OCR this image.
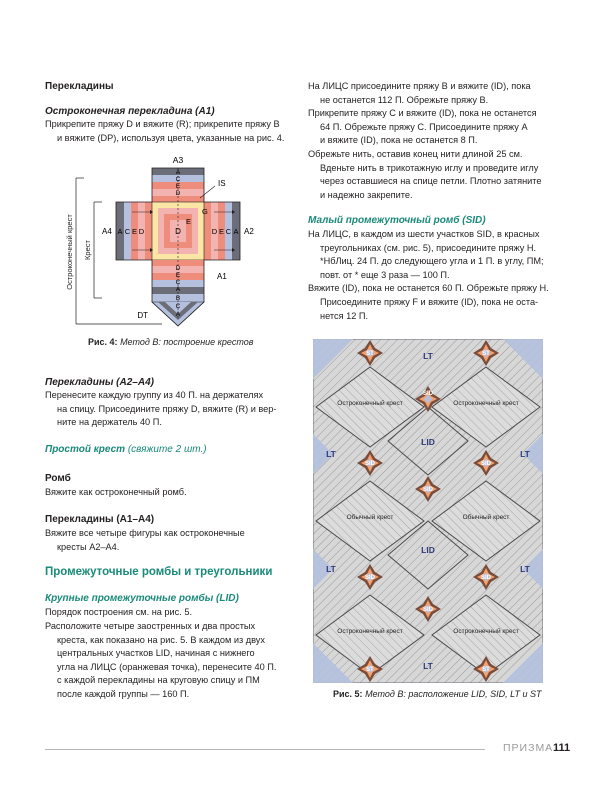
Перекладины
Остроконечная перекладина (А1)
Прикрепите пряжу D и вяжите (R); прикрепите пряжу B
и вяжите (DP), используя цвета, указанные на рис. 4.
Остроконечный крест Крест
A3
IS
G
E
D
A4	A2
A1
DT
A
C
E
D
D
E
C
A
B
C
A
A C E D	D E C A
Рис. 4: Метод B: построение крестов
Перекладины (А2–А4)
Перенесите каждую группу из 40 П. на держателях
на спицу. Присоедините пряжу D, вяжите (R) и вер-
ните на держатель 40 П.
Простой крест (свяжите 2 шт.)
Ромб
Вяжите как остроконечный ромб.
Перекладины (А1–А4)
Вяжите все четыре фигуры как остроконечные
кресты А2–А4.
Промежуточные ромбы и треугольники
Крупные промежуточные ромбы (LID)
Порядок построения см. на рис. 5.
Расположите четыре заостренных и два простых
креста, как показано на рис. 5. В каждом из двух
центральных участков LID, начиная с нижнего
угла на ЛИЦС (оранжевая точка), перенесите 40 П.
с каждой перекладины на круговую спицу и ПМ
после каждой группы — 160 П.
На ЛИЦС присоедините пряжу B и вяжите (ID), пока
не останется 112 П. Обрежьте пряжу B.
Прикрепите пряжу C и вяжите (ID), пока не останется
64 П. Обрежьте пряжу C. Присоедините пряжу A
и вяжите (ID), пока не останется 8 П.
Обрежьте нить, оставив конец нити длиной 25 см.
Вденьте нить в трикотажную иглу и проведите иглу
через оставшиеся на спице петли. Плотно затяните
и надежно закрепите.
Малый промежуточный ромб (SID)
На ЛИЦС, в каждом из шести участков SID, в красных
треугольниках (см. рис. 5), присоедините пряжу H.
*НбЛиц. 24 П. до следующего угла и 1 П. в углу, ПМ;
повт. от * еще 3 раза — 100 П.
Вяжите (ID), пока не останется 60 П. Обрежьте пряжу H.
Присоедините пряжу F и вяжите (ID), пока не оста-
нется 12 П.
Остроконечный крест	Остроконечный крест
Обычный крест	Обычный крест
Остроконечный крест	Остроконечный крест
LT
LID
LT	LT
LID
LT	LT
LT
ST	ST
SID
SID	SID
SID
SID	SID
SID
ST	ST
Рис. 5: Метод B: расположение LID, SID, LT и ST
ПРИЗМА 111
